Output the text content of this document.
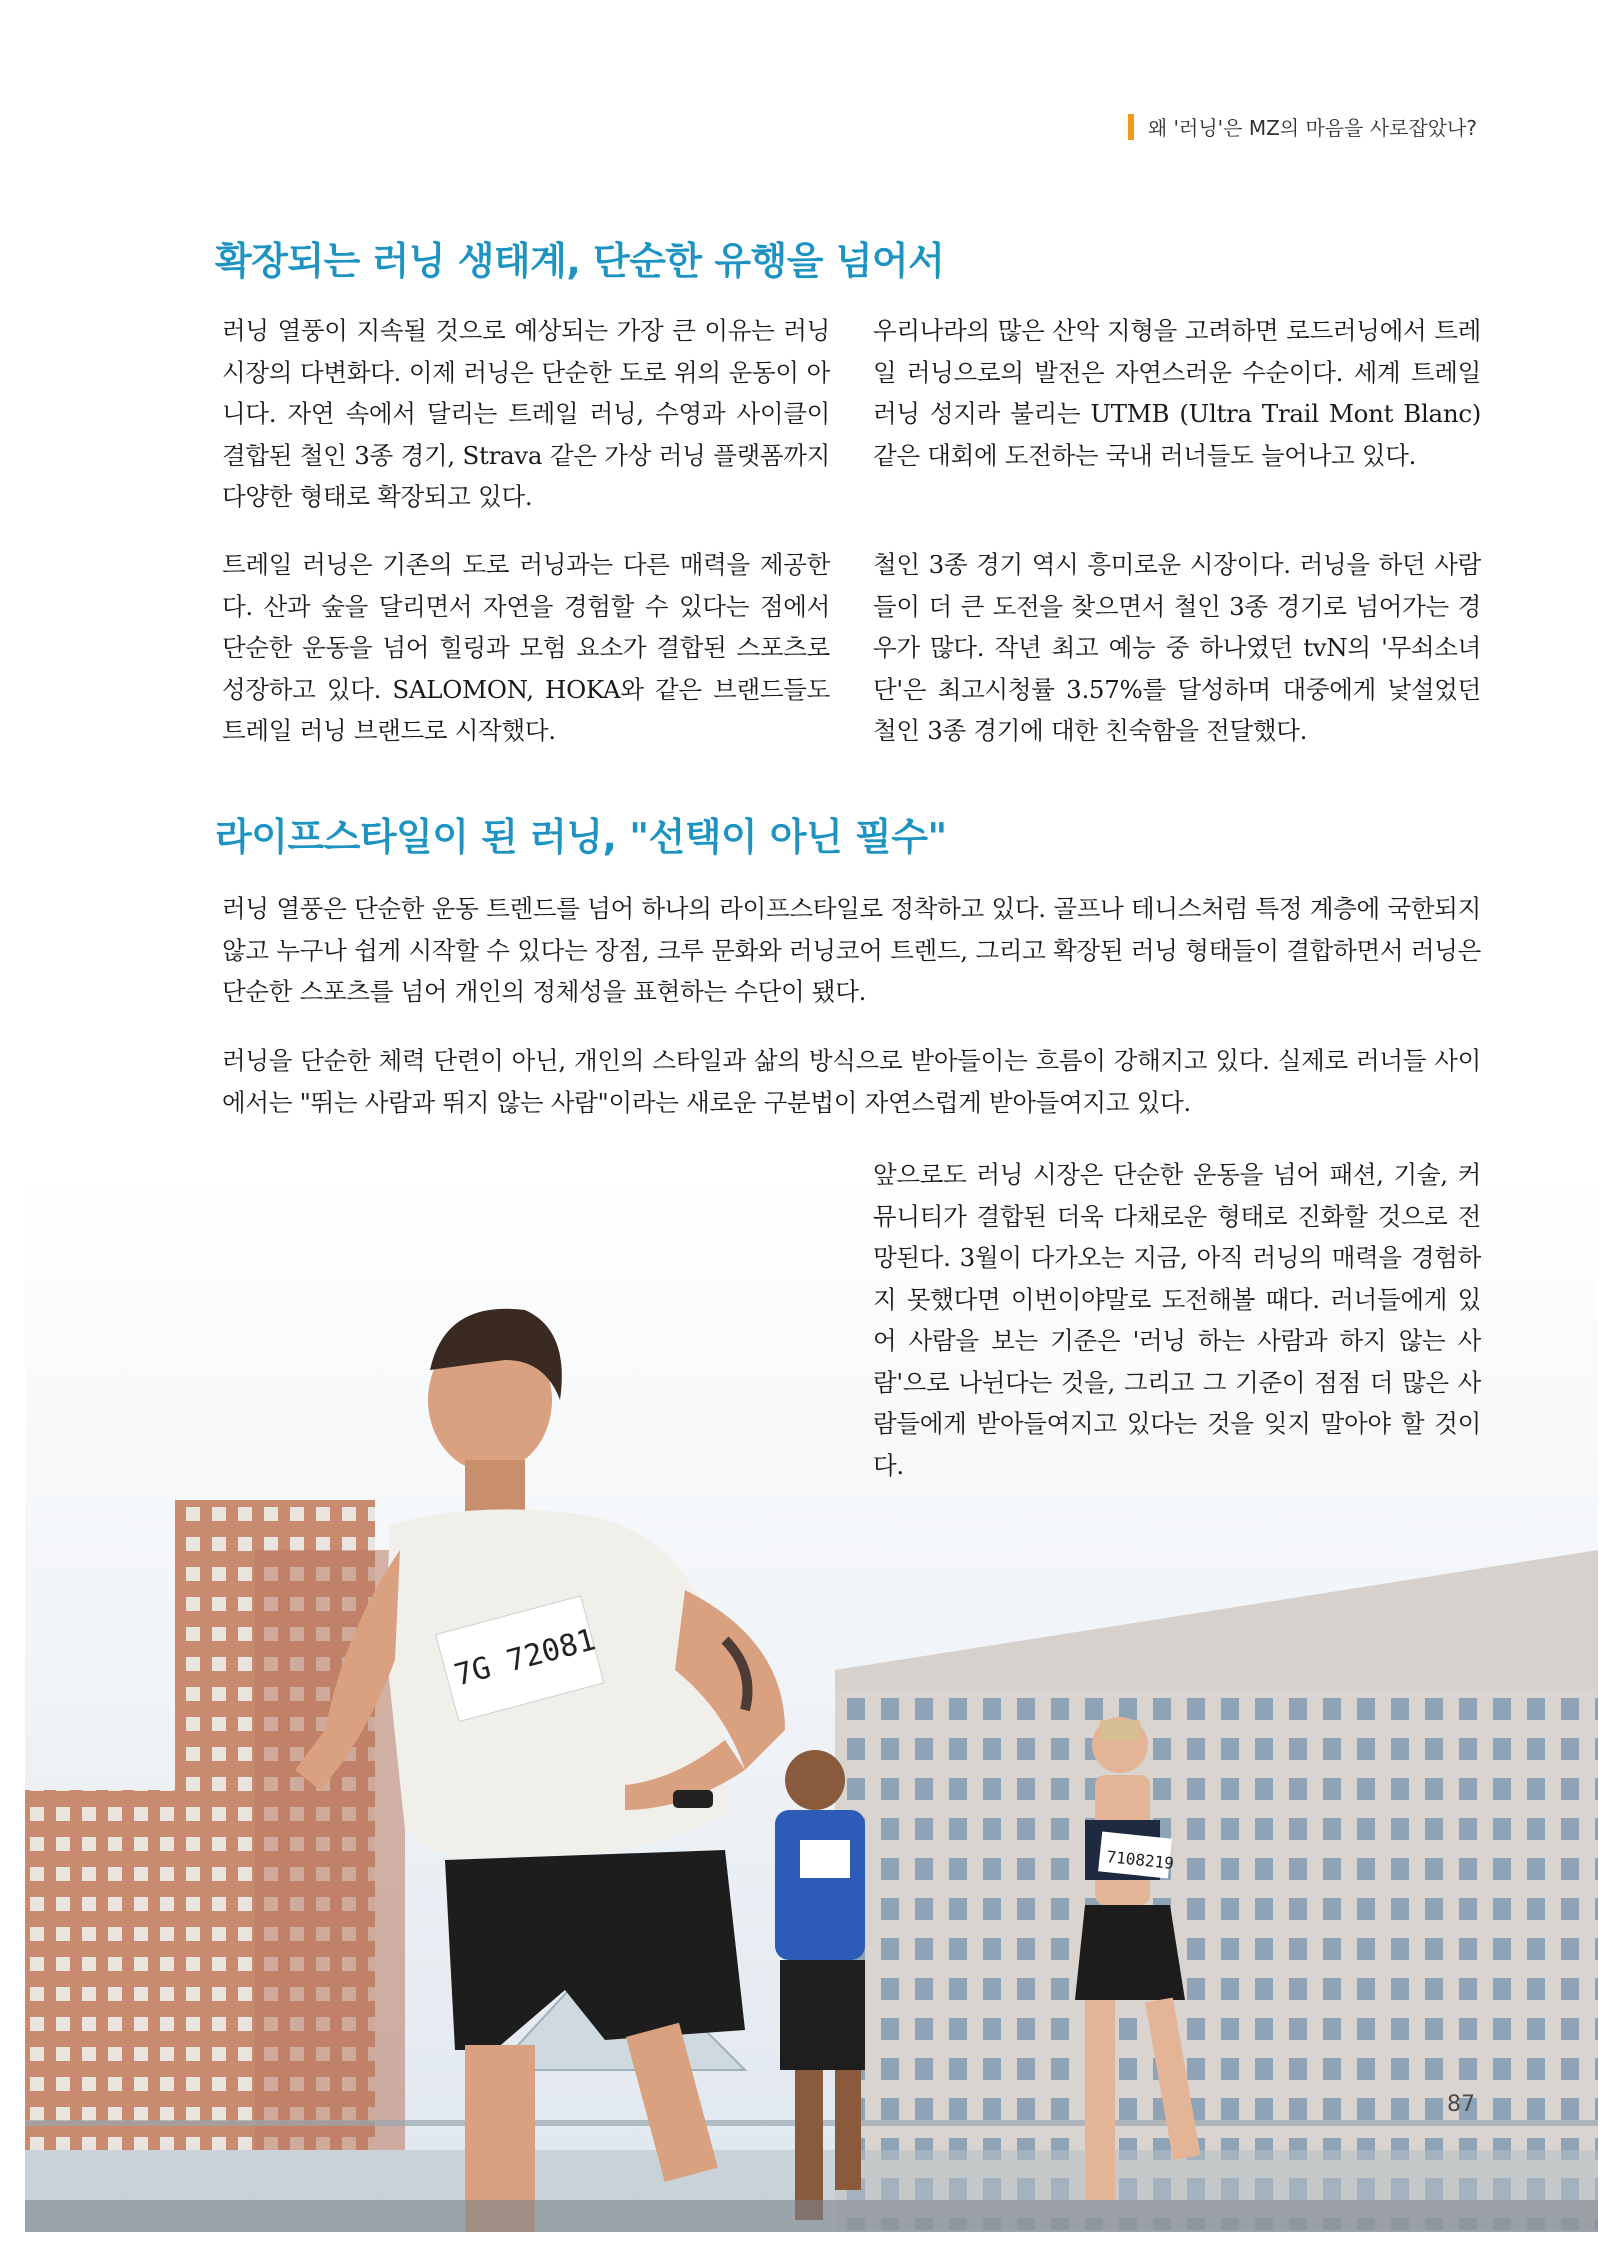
왜 '러닝'은 MZ의 마음을 사로잡았나?
확장되는 러닝 생태계, 단순한 유행을 넘어서

러닝 열풍이 지속될 것으로 예상되는 가장 큰 이유는 러닝 시장의 다변화다. 이제 러닝은 단순한 도로 위의 운동이 아니다. 자연 속에서 달리는 트레일 러닝, 수영과 사이클이 결합된 철인 3종 경기, Strava 같은 가상 러닝 플랫폼까지 다양한 형태로 확장되고 있다.

우리나라의 많은 산악 지형을 고려하면 로드러닝에서 트레일 러닝으로의 발전은 자연스러운 수순이다. 세계 트레일 러닝 성지라 불리는 UTMB (Ultra Trail Mont Blanc) 같은 대회에 도전하는 국내 러너들도 늘어나고 있다.

트레일 러닝은 기존의 도로 러닝과는 다른 매력을 제공한다. 산과 숲을 달리면서 자연을 경험할 수 있다는 점에서 단순한 운동을 넘어 힐링과 모험 요소가 결합된 스포츠로 성장하고 있다. SALOMON, HOKA와 같은 브랜드들도 트레일 러닝 브랜드로 시작했다.

철인 3종 경기 역시 흥미로운 시장이다. 러닝을 하던 사람들이 더 큰 도전을 찾으면서 철인 3종 경기로 넘어가는 경우가 많다. 작년 최고 예능 중 하나였던 tvN의 '무쇠소녀단'은 최고시청률 3.57%를 달성하며 대중에게 낯설었던 철인 3종 경기에 대한 친숙함을 전달했다.

라이프스타일이 된 러닝, "선택이 아닌 필수"

러닝 열풍은 단순한 운동 트렌드를 넘어 하나의 라이프스타일로 정착하고 있다. 골프나 테니스처럼 특정 계층에 국한되지 않고 누구나 쉽게 시작할 수 있다는 장점, 크루 문화와 러닝코어 트렌드, 그리고 확장된 러닝 형태들이 결합하면서 러닝은 단순한 스포츠를 넘어 개인의 정체성을 표현하는 수단이 됐다.

러닝을 단순한 체력 단련이 아닌, 개인의 스타일과 삶의 방식으로 받아들이는 흐름이 강해지고 있다. 실제로 러너들 사이에서는 "뛰는 사람과 뛰지 않는 사람"이라는 새로운 구분법이 자연스럽게 받아들여지고 있다.

7108219
7G 72081

앞으로도 러닝 시장은 단순한 운동을 넘어 패션, 기술, 커뮤니티가 결합된 더욱 다채로운 형태로 진화할 것으로 전망된다. 3월이 다가오는 지금, 아직 러닝의 매력을 경험하지 못했다면 이번이야말로 도전해볼 때다. 러너들에게 있어 사람을 보는 기준은 '러닝 하는 사람과 하지 않는 사람'으로 나뉜다는 것을, 그리고 그 기준이 점점 더 많은 사람들에게 받아들여지고 있다는 것을 잊지 말아야 할 것이다.

87
